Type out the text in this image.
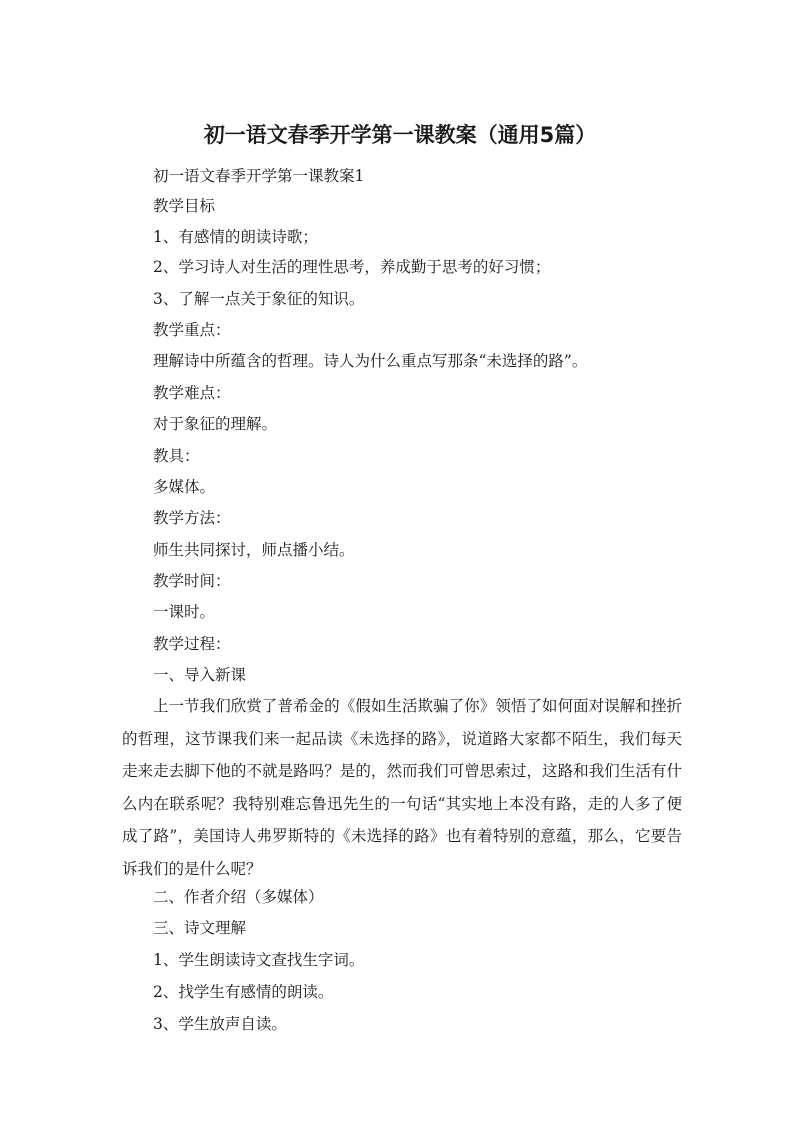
初一语文春季开学第一课教案（通用5篇）
初一语文春季开学第一课教案1
教学目标
1、有感情的朗读诗歌；
2、学习诗人对生活的理性思考，养成勤于思考的好习惯；
3、了解一点关于象征的知识。
教学重点：
理解诗中所蕴含的哲理。诗人为什么重点写那条“未选择的路”。
教学难点：
对于象征的理解。
教具：
多媒体。
教学方法：
师生共同探讨，师点播小结。
教学时间：
一课时。
教学过程：
一、导入新课
上一节我们欣赏了普希金的《假如生活欺骗了你》领悟了如何面对误解和挫折的哲理，这节课我们来一起品读《未选择的路》，说道路大家都不陌生，我们每天走来走去脚下他的不就是路吗？是的，然而我们可曾思索过，这路和我们生活有什么内在联系呢？我特别难忘鲁迅先生的一句话“其实地上本没有路，走的人多了便成了路”，美国诗人弗罗斯特的《未选择的路》也有着特别的意蕴，那么，它要告诉我们的是什么呢？
二、作者介绍（多媒体）
三、诗文理解
1、学生朗读诗文查找生字词。
2、找学生有感情的朗读。
3、学生放声自读。
